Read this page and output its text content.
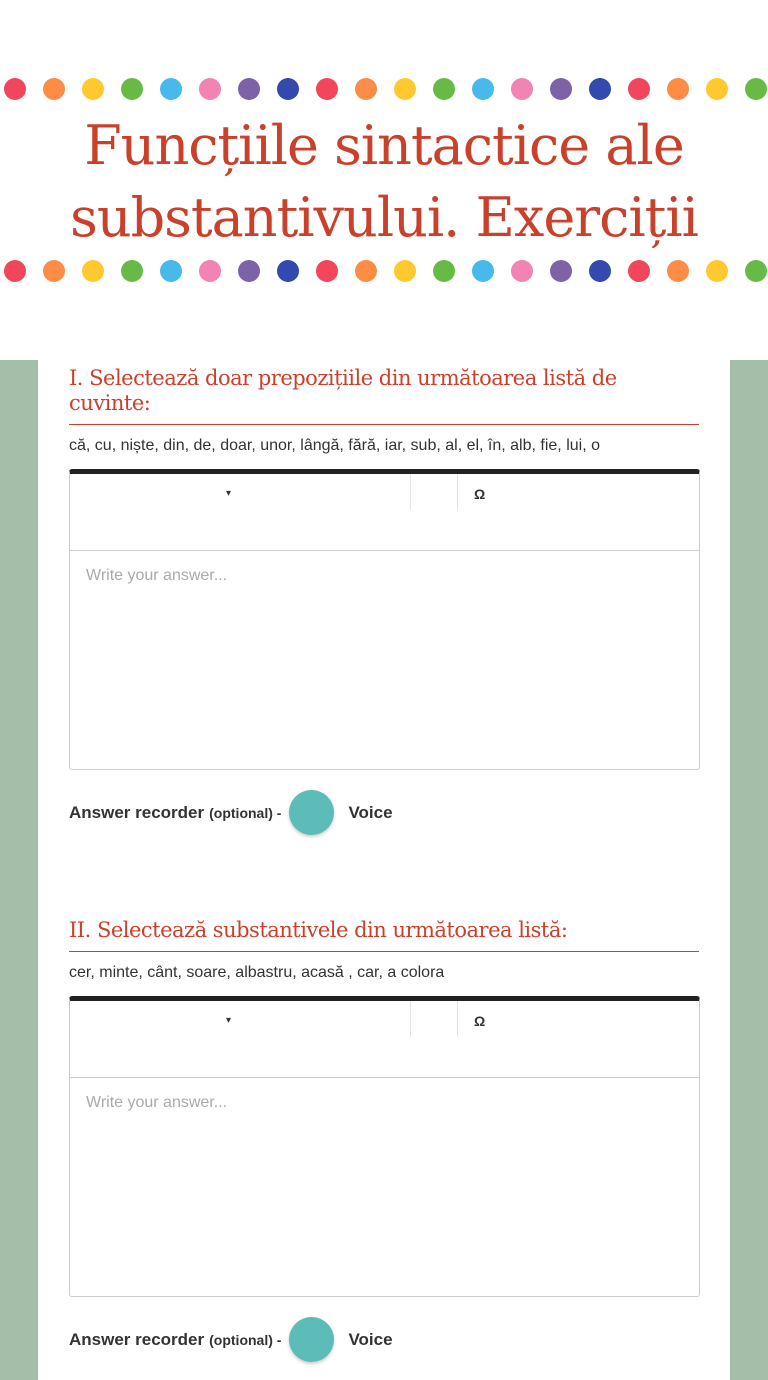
Funcțiile sintactice ale substantivului. Exerciții
I. Selectează doar prepozițiile din următoarea listă de cuvinte:
că, cu, niște, din, de, doar, unor, lângă, fără, iar, sub, al, el, în, alb, fie, lui, o
▾	Ω
Write your answer...
Answer recorder (optional) -	Voice
II. Selectează substantivele din următoarea listă:
cer, minte, cânt, soare, albastru, acasă , car, a colora
▾	Ω
Write your answer...
Answer recorder (optional) -	Voice
